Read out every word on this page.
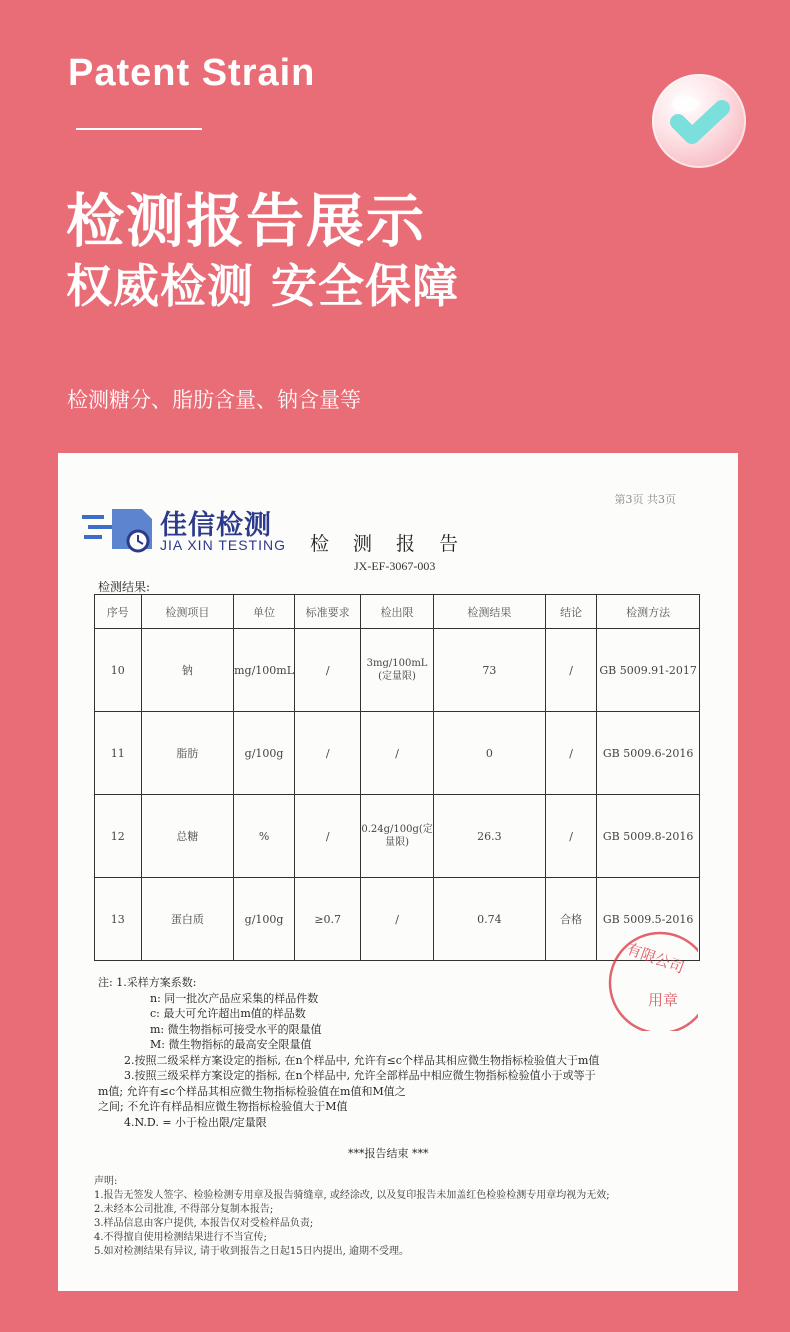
Patent Strain
检测报告展示
权威检测 安全保障
检测糖分、脂肪含量、钠含量等
第3页 共3页
佳信检测
JIA XIN TESTING 检测报告
JX-EF-3067-003
检测结果:
序号	检测项目	单位	标准要求	检出限	检测结果	结论	检测方法
10	钠	mg/100mL	/	3mg/100mL (定量限)	73	/	GB 5009.91-2017
11	脂肪	g/100g	/	/	0	/	GB 5009.6-2016
12	总糖	%	/	0.24g/100g(定量限)	26.3	/	GB 5009.8-2016
13	蛋白质	g/100g	≥0.7	/	0.74	合格	GB 5009.5-2016
注: 1.采样方案系数:
n: 同一批次产品应采集的样品件数
c: 最大可允许超出m值的样品数
m: 微生物指标可接受水平的限量值
M: 微生物指标的最高安全限量值
2.按照二级采样方案设定的指标, 在n个样品中, 允许有≤c个样品其相应微生物指标检验值大于m值
3.按照三级采样方案设定的指标, 在n个样品中, 允许全部样品中相应微生物指标检验值小于或等于
m值; 允许有≤c个样品其相应微生物指标检验值在m值和M值之
之间; 不允许有样品相应微生物指标检验值大于M值
4.N.D. = 小于检出限/定量限
有限公司
用章
***报告结束 ***
声明:
1.报告无签发人签字、检验检测专用章及报告骑缝章, 或经涂改, 以及复印报告未加盖红色检验检测专用章均视为无效;
2.未经本公司批准, 不得部分复制本报告;
3.样品信息由客户提供, 本报告仅对受检样品负责;
4.不得擅自使用检测结果进行不当宣传;
5.如对检测结果有异议, 请于收到报告之日起15日内提出, 逾期不受理。
